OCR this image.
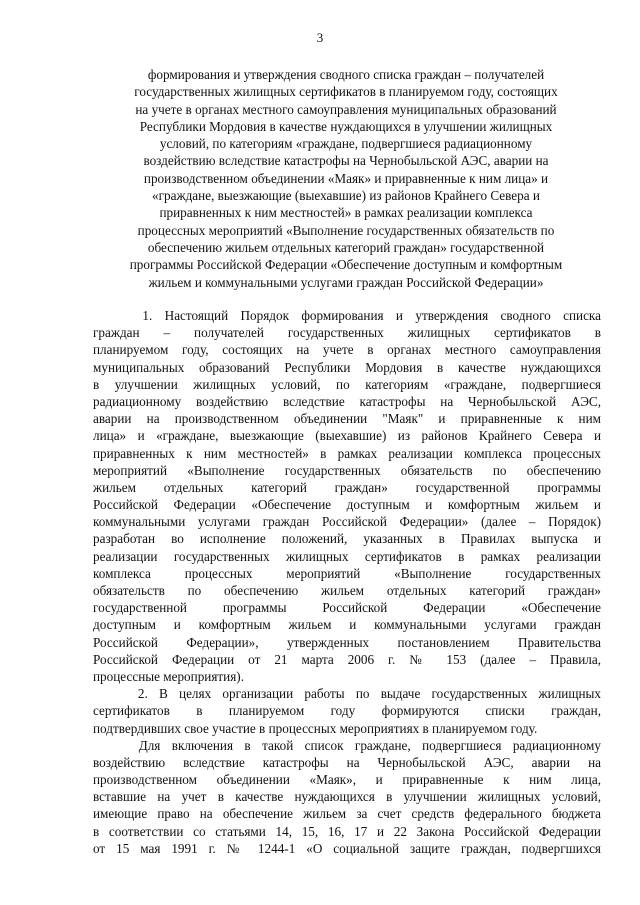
3
формирования и утверждения сводного списка граждан – получателей
государственных жилищных сертификатов в планируемом году, состоящих
на учете в органах местного самоуправления муниципальных образований
Республики Мордовия в качестве нуждающихся в улучшении жилищных
условий, по категориям «граждане, подвергшиеся радиационному
воздействию вследствие катастрофы на Чернобыльской АЭС, аварии на
производственном объединении «Маяк» и приравненные к ним лица» и
«граждане, выезжающие (выехавшие) из районов Крайнего Севера и
приравненных к ним местностей» в рамках реализации комплекса
процессных мероприятий «Выполнение государственных обязательств по
обеспечению жильем отдельных категорий граждан» государственной
программы Российской Федерации «Обеспечение доступным и комфортным
жильем и коммунальными услугами граждан Российской Федерации»
1. Настоящий Порядок формирования и утверждения сводного списка
граждан – получателей государственных жилищных сертификатов в
планируемом году, состоящих на учете в органах местного самоуправления
муниципальных образований Республики Мордовия в качестве нуждающихся
в улучшении жилищных условий, по категориям «граждане, подвергшиеся
радиационному воздействию вследствие катастрофы на Чернобыльской АЭС,
аварии на производственном объединении "Маяк" и приравненные к ним
лица» и «граждане, выезжающие (выехавшие) из районов Крайнего Севера и
приравненных к ним местностей» в рамках реализации комплекса процессных
мероприятий «Выполнение государственных обязательств по обеспечению
жильем отдельных категорий граждан» государственной программы
Российской Федерации «Обеспечение доступным и комфортным жильем и
коммунальными услугами граждан Российской Федерации» (далее – Порядок)
разработан во исполнение положений, указанных в Правилах выпуска и
реализации государственных жилищных сертификатов в рамках реализации
комплекса процессных мероприятий «Выполнение государственных
обязательств по обеспечению жильем отдельных категорий граждан»
государственной программы Российской Федерации «Обеспечение
доступным и комфортным жильем и коммунальными услугами граждан
Российской Федерации», утвержденных постановлением Правительства
Российской Федерации от 21 марта 2006 г. № 153 (далее – Правила,
процессные мероприятия).
2. В целях организации работы по выдаче государственных жилищных
сертификатов в планируемом году формируются списки граждан,
подтвердивших свое участие в процессных мероприятиях в планируемом году.
Для включения в такой список граждане, подвергшиеся радиационному
воздействию вследствие катастрофы на Чернобыльской АЭС, аварии на
производственном объединении «Маяк», и приравненные к ним лица,
вставшие на учет в качестве нуждающихся в улучшении жилищных условий,
имеющие право на обеспечение жильем за счет средств федерального бюджета
в соответствии со статьями 14, 15, 16, 17 и 22 Закона Российской Федерации
от 15 мая 1991 г. № 1244-1 «О социальной защите граждан, подвергшихся
